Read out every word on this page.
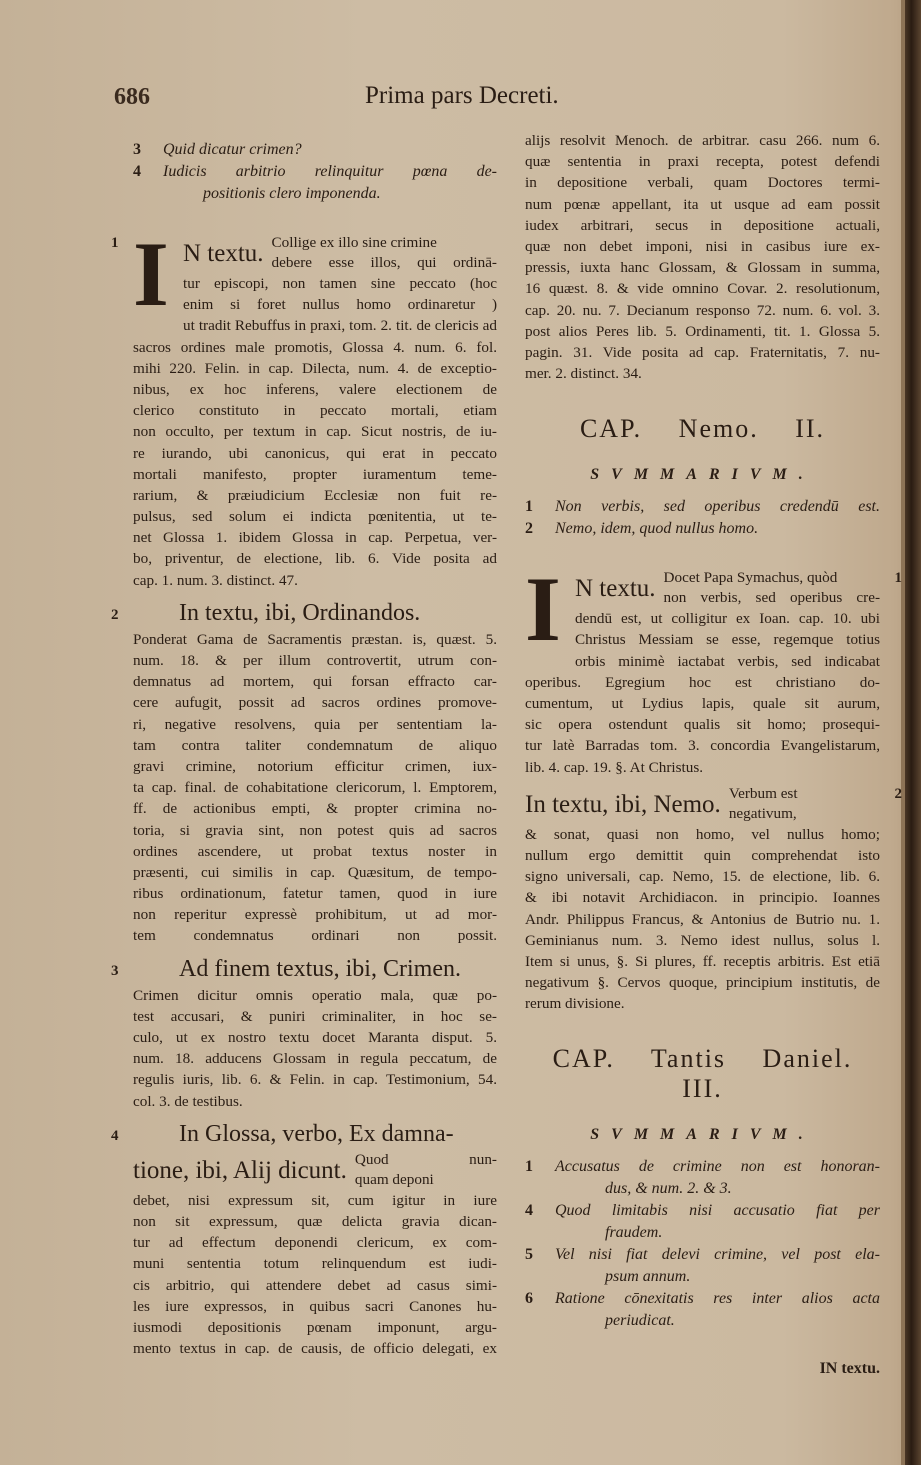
686	Prima pars Decreti.
3	Quid dicatur crimen?
4	Iudicis arbitrio relinquitur pœna de-
positionis clero imponenda.
1 I N textu. Collige ex illo sine crimine
debere esse illos, qui ordinā-
tur episcopi, non tamen sine peccato (hoc
enim si foret nullus homo ordinaretur )
ut tradit Rebuffus in praxi, tom. 2. tit. de clericis ad
sacros ordines male promotis, Glossa 4. num. 6. fol.
mihi 220. Felin. in cap. Dilecta, num. 4. de exceptio-
nibus, ex hoc inferens, valere electionem de
clerico constituto in peccato mortali, etiam
non occulto, per textum in cap. Sicut nostris, de iu-
re iurando, ubi canonicus, qui erat in peccato
mortali manifesto, propter iuramentum teme-
rarium, & præiudicium Ecclesiæ non fuit re-
pulsus, sed solum ei indicta pœnitentia, ut te-
net Glossa 1. ibidem Glossa in cap. Perpetua, ver-
bo, priventur, de electione, lib. 6. Vide posita ad
cap. 1. num. 3. distinct. 47.
2	In textu, ibi, Ordinandos.
Ponderat Gama de Sacramentis præstan. is, quæst. 5.
num. 18. & per illum controvertit, utrum con-
demnatus ad mortem, qui forsan effracto car-
cere aufugit, possit ad sacros ordines promove-
ri, negative resolvens, quia per sententiam la-
tam contra taliter condemnatum de aliquo
gravi crimine, notorium efficitur crimen, iux-
ta cap. final. de cohabitatione clericorum, l. Emptorem,
ff. de actionibus empti, & propter crimina no-
toria, si gravia sint, non potest quis ad sacros
ordines ascendere, ut probat textus noster in
præsenti, cui similis in cap. Quæsitum, de tempo-
ribus ordinationum, fatetur tamen, quod in iure
non reperitur expressè prohibitum, ut ad mor-
tem condemnatus ordinari non possit.
3	Ad finem textus, ibi, Crimen.
Crimen dicitur omnis operatio mala, quæ po-
test accusari, & puniri criminaliter, in hoc se-
culo, ut ex nostro textu docet Maranta disput. 5.
num. 18. adducens Glossam in regula peccatum, de
regulis iuris, lib. 6. & Felin. in cap. Testimonium, 54.
col. 3. de testibus.
4	In Glossa, verbo, Ex damna-
tione, ibi, Alij dicunt. Quod nun-
quam deponi
debet, nisi expressum sit, cum igitur in iure
non sit expressum, quæ delicta gravia dican-
tur ad effectum deponendi clericum, ex com-
muni sententia totum relinquendum est iudi-
cis arbitrio, qui attendere debet ad casus simi-
les iure expressos, in quibus sacri Canones hu-
iusmodi depositionis pœnam imponunt, argu-
mento textus in cap. de causis, de officio delegati, ex
alijs resolvit Menoch. de arbitrar. casu 266. num 6.
quæ sententia in praxi recepta, potest defendi
in depositione verbali, quam Doctores termi-
num pœnæ appellant, ita ut usque ad eam possit
iudex arbitrari, secus in depositione actuali,
quæ non debet imponi, nisi in casibus iure ex-
pressis, iuxta hanc Glossam, & Glossam in summa,
16 quæst. 8. & vide omnino Covar. 2. resolutionum,
cap. 20. nu. 7. Decianum responso 72. num. 6. vol. 3.
post alios Peres lib. 5. Ordinamenti, tit. 1. Glossa 5.
pagin. 31. Vide posita ad cap. Fraternitatis, 7. nu-
mer. 2. distinct. 34.
CAP. Nemo. II.
SVMMARIVM.
1	Non verbis, sed operibus credendū est.
2	Nemo, idem, quod nullus homo.
1
I N textu. Docet Papa Symachus, quòd
non verbis, sed operibus cre-
dendū est, ut colligitur ex Ioan. cap. 10. ubi
Christus Messiam se esse, regemque totius
orbis minimè iactabat verbis, sed indicabat
operibus. Egregium hoc est christiano do-
cumentum, ut Lydius lapis, quale sit aurum,
sic opera ostendunt qualis sit homo; prosequi-
tur latè Barradas tom. 3. concordia Evangelistarum,
lib. 4. cap. 19. §. At Christus.
2
In textu, ibi, Nemo. Verbum est
negativum,
& sonat, quasi non homo, vel nullus homo;
nullum ergo demittit quin comprehendat isto
signo universali, cap. Nemo, 15. de electione, lib. 6.
& ibi notavit Archidiacon. in principio. Ioannes
Andr. Philippus Francus, & Antonius de Butrio nu. 1.
Geminianus num. 3. Nemo idest nullus, solus l.
Item si unus, §. Si plures, ff. receptis arbitris. Est etiā
negativum §. Cervos quoque, principium institutis, de
rerum divisione.
CAP. Tantis Daniel. III.
SVMMARIVM.
1	Accusatus de crimine non est honoran-
dus, & num. 2. & 3.
4	Quod limitabis nisi accusatio fiat per
fraudem.
5	Vel nisi fiat delevi crimine, vel post ela-
psum annum.
6	Ratione cōnexitatis res inter alios acta
periudicat.
IN textu.
